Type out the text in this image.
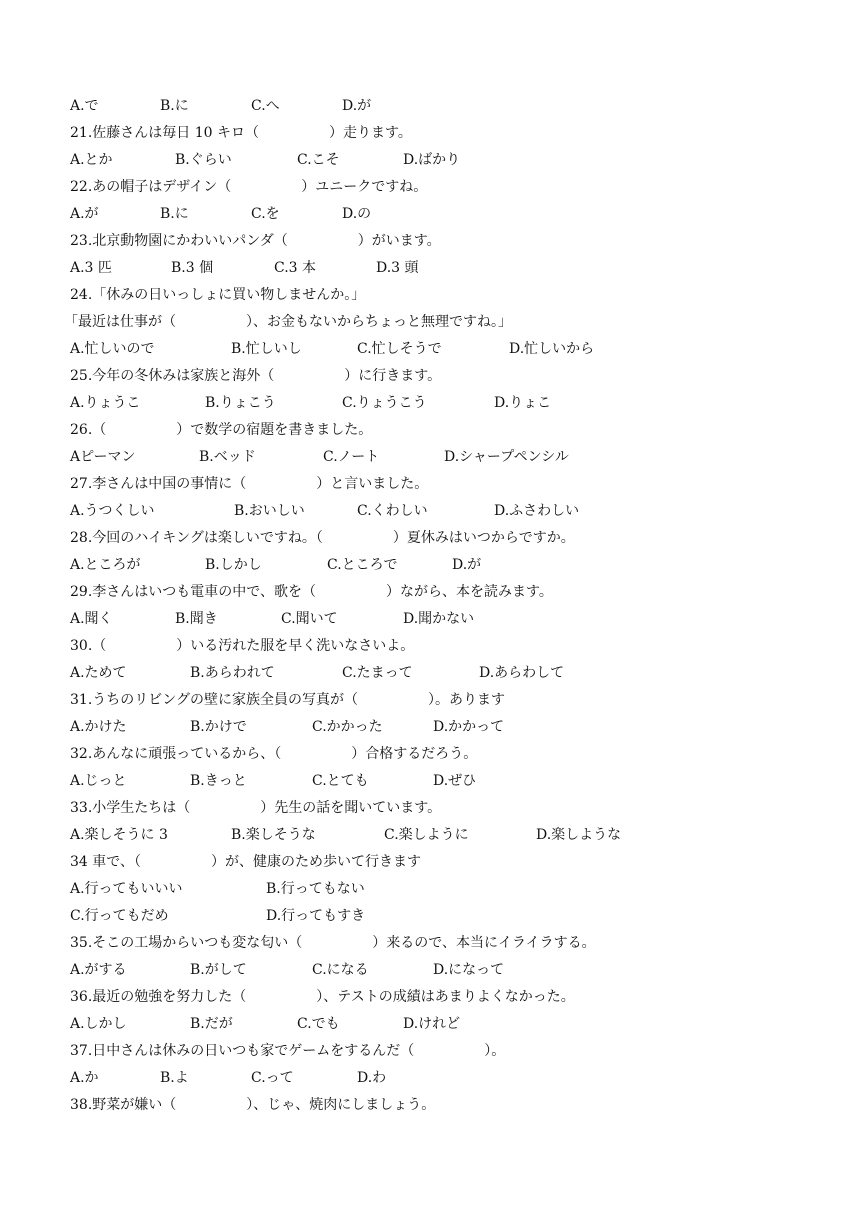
A.で	B.に	C.へ	D.が
21.佐藤さんは毎日 10 キロ（　　　　　）走ります。
A.とか	B.ぐらい	C.こそ	D.ばかり
22.あの帽子はデザイン（　　　　　）ユニークですね。
A.が	B.に	C.を	D.の
23.北京動物園にかわいいパンダ（　　　　　）がいます。
A.3 匹	B.3 個	C.3 本	D.3 頭
24.「休みの日いっしょに買い物しませんか。」
「最近は仕事が（　　　　　）、お金もないからちょっと無理ですね。」
A.忙しいので	B.忙しいし	C.忙しそうで	D.忙しいから
25.今年の冬休みは家族と海外（　　　　　）に行きます。
A.りょうこ	B.りょこう	C.りょうこう	D.りょこ
26.（　　　　　）で数学の宿題を書きました。
Aピーマン	B.ベッド	C.ノート	D.シャープペンシル
27.李さんは中国の事情に（　　　　　）と言いました。
A.うつくしい	B.おいしい	C.くわしい	D.ふさわしい
28.今回のハイキングは楽しいですね。（　　　　　）夏休みはいつからですか。
A.ところが	B.しかし	C.ところで	D.が
29.李さんはいつも電車の中で、歌を（　　　　　）ながら、本を読みます。
A.聞く	B.聞き	C.聞いて	D.聞かない
30.（　　　　　）いる汚れた服を早く洗いなさいよ。
A.ためて	B.あらわれて	C.たまって	D.あらわして
31.うちのリビングの壁に家族全員の写真が（　　　　　）。あります
A.かけた	B.かけで	C.かかった	D.かかって
32.あんなに頑張っているから、（　　　　　）合格するだろう。
A.じっと	B.きっと	C.とても	D.ぜひ
33.小学生たちは（　　　　　）先生の話を聞いています。
A.楽しそうに 3	B.楽しそうな	C.楽しように	D.楽しような
34 車で、（　　　　　）が、健康のため歩いて行きます
A.行ってもいいい	B.行ってもない
C.行ってもだめ	D.行ってもすき
35.そこの工場からいつも変な匂い（　　　　　）来るので、本当にイライラする。
A.がする	B.がして	C.になる	D.になって
36.最近の勉強を努力した（　　　　　）、テストの成績はあまりよくなかった。
A.しかし	B.だが	C.でも	D.けれど
37.日中さんは休みの日いつも家でゲームをするんだ（　　　　　）。
A.か	B.よ	C.って	D.わ
38.野菜が嫌い（　　　　　）、じゃ、焼肉にしましょう。
